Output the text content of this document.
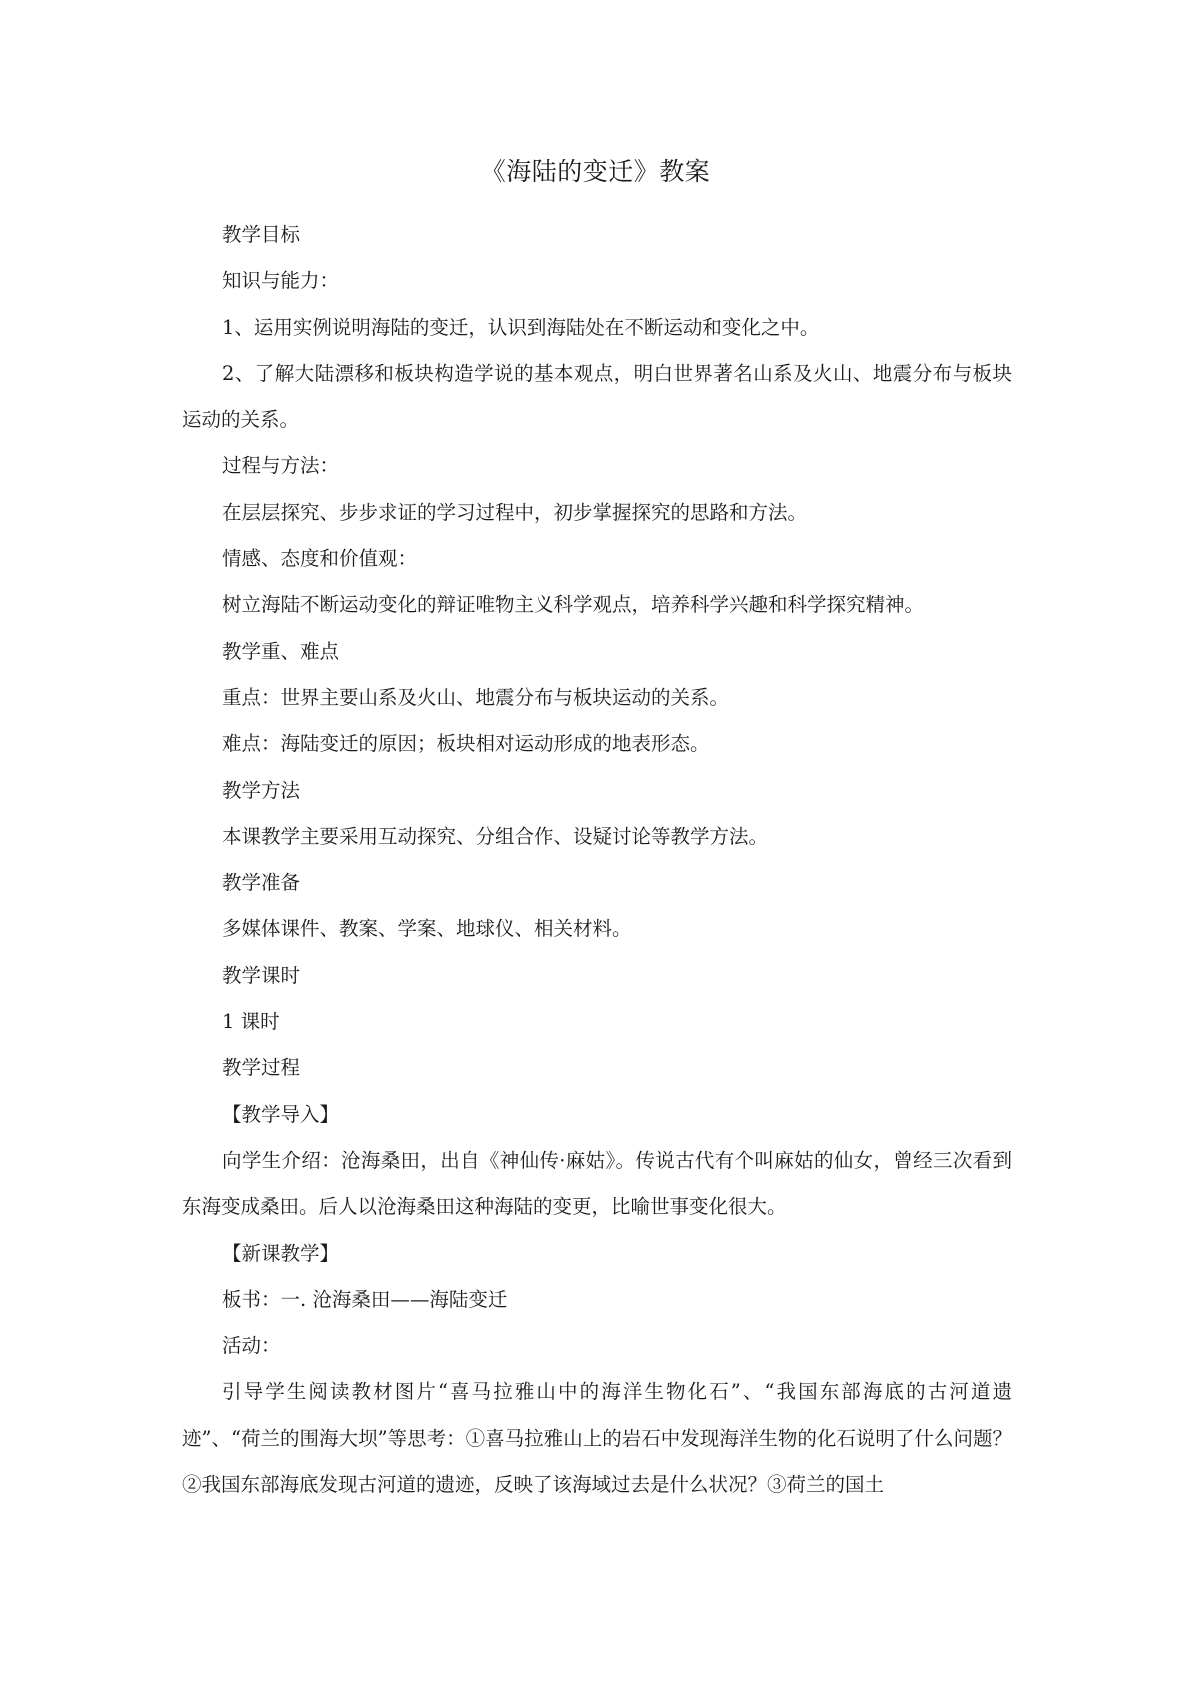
《海陆的变迁》教案

教学目标

知识与能力：

1、运用实例说明海陆的变迁，认识到海陆处在不断运动和变化之中。

2、了解大陆漂移和板块构造学说的基本观点，明白世界著名山系及火山、地震分布与板块运动的关系。

过程与方法：

在层层探究、步步求证的学习过程中，初步掌握探究的思路和方法。

情感、态度和价值观：

树立海陆不断运动变化的辩证唯物主义科学观点，培养科学兴趣和科学探究精神。

教学重、难点

重点：世界主要山系及火山、地震分布与板块运动的关系。

难点：海陆变迁的原因；板块相对运动形成的地表形态。

教学方法

本课教学主要采用互动探究、分组合作、设疑讨论等教学方法。

教学准备

多媒体课件、教案、学案、地球仪、相关材料。

教学课时

1 课时

教学过程

【教学导入】

向学生介绍：沧海桑田，出自《神仙传·麻姑》。传说古代有个叫麻姑的仙女，曾经三次看到东海变成桑田。后人以沧海桑田这种海陆的变更，比喻世事变化很大。

【新课教学】

板书：一. 沧海桑田——海陆变迁

活动：

引导学生阅读教材图片“喜马拉雅山中的海洋生物化石”、“我国东部海底的古河道遗迹”、“荷兰的围海大坝”等思考：①喜马拉雅山上的岩石中发现海洋生物的化石说明了什么问题？②我国东部海底发现古河道的遗迹，反映了该海域过去是什么状况？③荷兰的国土
